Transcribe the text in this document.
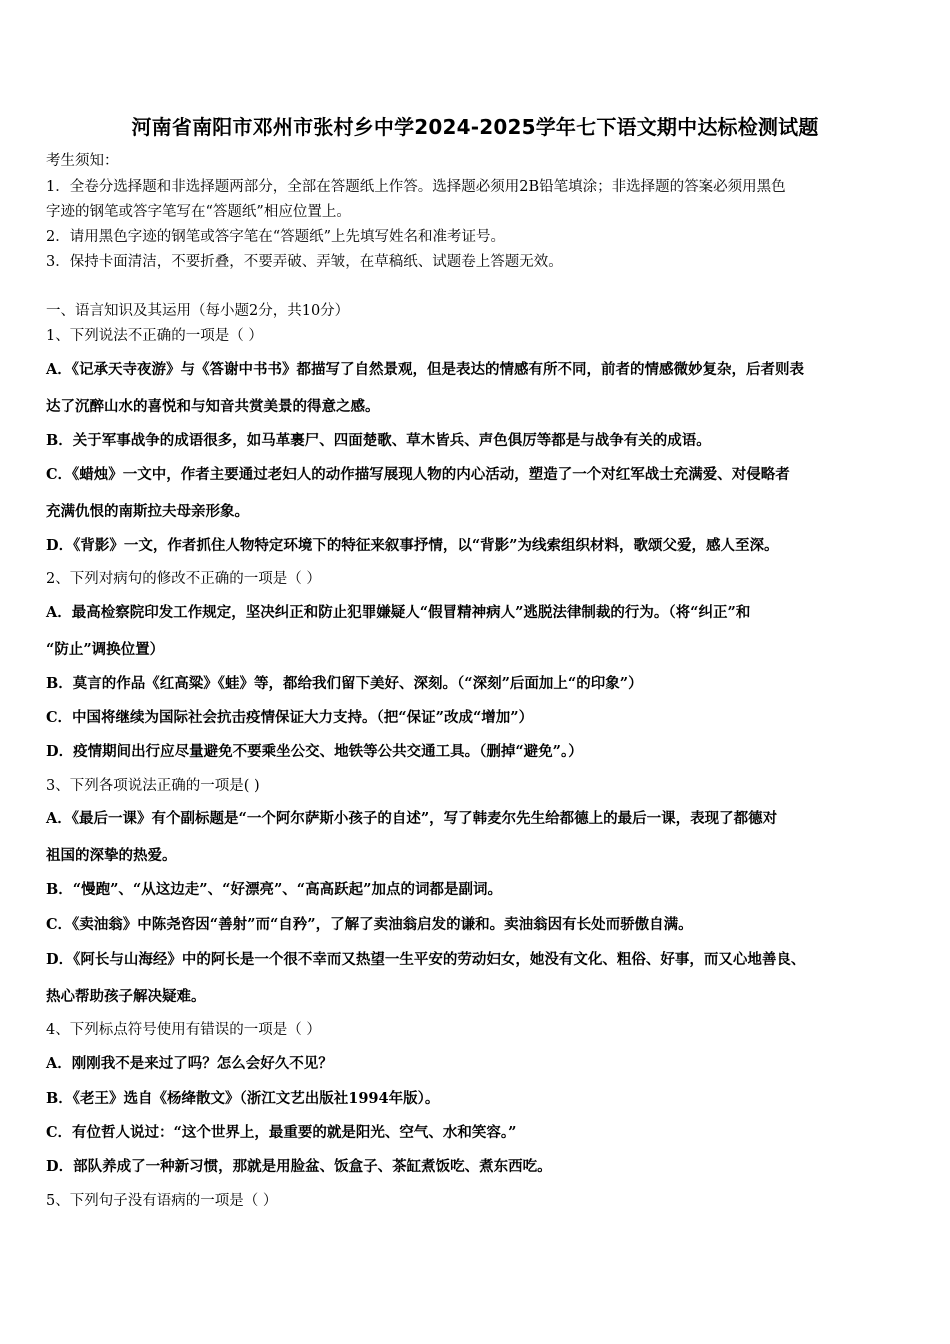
河南省南阳市邓州市张村乡中学2024-2025学年七下语文期中达标检测试题
考生须知：
1．全卷分选择题和非选择题两部分，全部在答题纸上作答。选择题必须用2B铅笔填涂；非选择题的答案必须用黑色
字迹的钢笔或答字笔写在“答题纸”相应位置上。
2．请用黑色字迹的钢笔或答字笔在“答题纸”上先填写姓名和准考证号。
3．保持卡面清洁，不要折叠，不要弄破、弄皱，在草稿纸、试题卷上答题无效。
一、语言知识及其运用（每小题2分，共10分）
1、下列说法不正确的一项是（ ）
A．《记承天寺夜游》与《答谢中书书》都描写了自然景观，但是表达的情感有所不同，前者的情感微妙复杂，后者则表
达了沉醉山水的喜悦和与知音共赏美景的得意之感。
B．关于军事战争的成语很多，如马革裹尸、四面楚歌、草木皆兵、声色俱厉等都是与战争有关的成语。
C．《蜡烛》一文中，作者主要通过老妇人的动作描写展现人物的内心活动，塑造了一个对红军战士充满爱、对侵略者
充满仇恨的南斯拉夫母亲形象。
D．《背影》一文，作者抓住人物特定环境下的特征来叙事抒情，以“背影”为线索组织材料，歌颂父爱，感人至深。
2、下列对病句的修改不正确的一项是（ ）
A．最高检察院印发工作规定，坚决纠正和防止犯罪嫌疑人“假冒精神病人”逃脱法律制裁的行为。（将“纠正”和
“防止”调换位置）
B．莫言的作品《红高粱》《蛙》等，都给我们留下美好、深刻。（“深刻”后面加上“的印象”）
C．中国将继续为国际社会抗击疫情保证大力支持。（把“保证”改成“增加”）
D．疫情期间出行应尽量避免不要乘坐公交、地铁等公共交通工具。（删掉“避免”。）
3、下列各项说法正确的一项是( )
A．《最后一课》有个副标题是“一个阿尔萨斯小孩子的自述”，写了韩麦尔先生给都德上的最后一课，表现了都德对
祖国的深挚的热爱。
B．“慢跑”、“从这边走”、“好漂亮”、“高高跃起”加点的词都是副词。
C．《卖油翁》中陈尧咨因“善射”而“自矜”，了解了卖油翁启发的谦和。卖油翁因有长处而骄傲自满。
D．《阿长与山海经》中的阿长是一个很不幸而又热望一生平安的劳动妇女，她没有文化、粗俗、好事，而又心地善良、
热心帮助孩子解决疑难。
4、下列标点符号使用有错误的一项是（ ）
A．刚刚我不是来过了吗？怎么会好久不见？
B．《老王》选自《杨绛散文》（浙江文艺出版社1994年版）。
C．有位哲人说过：“这个世界上，最重要的就是阳光、空气、水和笑容。”
D．部队养成了一种新习惯，那就是用脸盆、饭盒子、茶缸煮饭吃、煮东西吃。
5、下列句子没有语病的一项是（ ）
